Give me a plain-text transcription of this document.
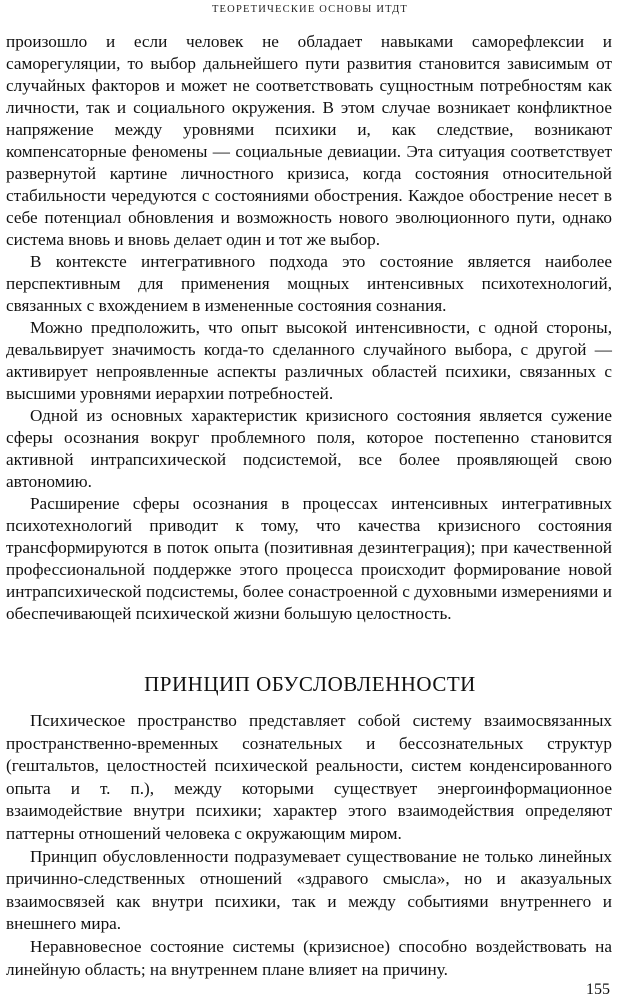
ТЕОРЕТИЧЕСКИЕ ОСНОВЫ ИТДТ

произошло и если человек не обладает навыками саморефлексии и саморегуляции, то выбор дальнейшего пути развития становится зависимым от случайных факторов и может не соответствовать сущностным потребностям как личности, так и социального окружения. В этом случае возникает конфликтное напряжение между уровнями психики и, как следствие, возникают компенсаторные феномены — социальные девиации. Эта ситуация соответствует развернутой картине личностного кризиса, когда состояния относительной стабильности чередуются с состояниями обострения. Каждое обострение несет в себе потенциал обновления и возможность нового эволюционного пути, однако система вновь и вновь делает один и тот же выбор.

В контексте интегративного подхода это состояние является наиболее перспективным для применения мощных интенсивных психотехнологий, связанных с вхождением в измененные состояния сознания.

Можно предположить, что опыт высокой интенсивности, с одной стороны, девальвирует значимость когда-то сделанного случайного выбора, с другой — активирует непроявленные аспекты различных областей психики, связанных с высшими уровнями иерархии потребностей.

Одной из основных характеристик кризисного состояния является сужение сферы осознания вокруг проблемного поля, которое постепенно становится активной интрапсихической подсистемой, все более проявляющей свою автономию.

Расширение сферы осознания в процессах интенсивных интегративных психотехнологий приводит к тому, что качества кризисного состояния трансформируются в поток опыта (позитивная дезинтеграция); при качественной профессиональной поддержке этого процесса происходит формирование новой интрапсихической подсистемы, более сонастроенной с духовными измерениями и обеспечивающей психической жизни большую целостность.

ПРИНЦИП ОБУСЛОВЛЕННОСТИ

Психическое пространство представляет собой систему взаимосвязанных пространственно-временных сознательных и бессознательных структур (гештальтов, целостностей психической реальности, систем конденсированного опыта и т. п.), между которыми существует энергоинформационное взаимодействие внутри психики; характер этого взаимодействия определяют паттерны отношений человека с окружающим миром.

Принцип обусловленности подразумевает существование не только линейных причинно-следственных отношений «здравого смысла», но и аказуальных взаимосвязей как внутри психики, так и между событиями внутреннего и внешнего мира.

Неравновесное состояние системы (кризисное) способно воздействовать на линейную область; на внутреннем плане влияет на причину.

155
